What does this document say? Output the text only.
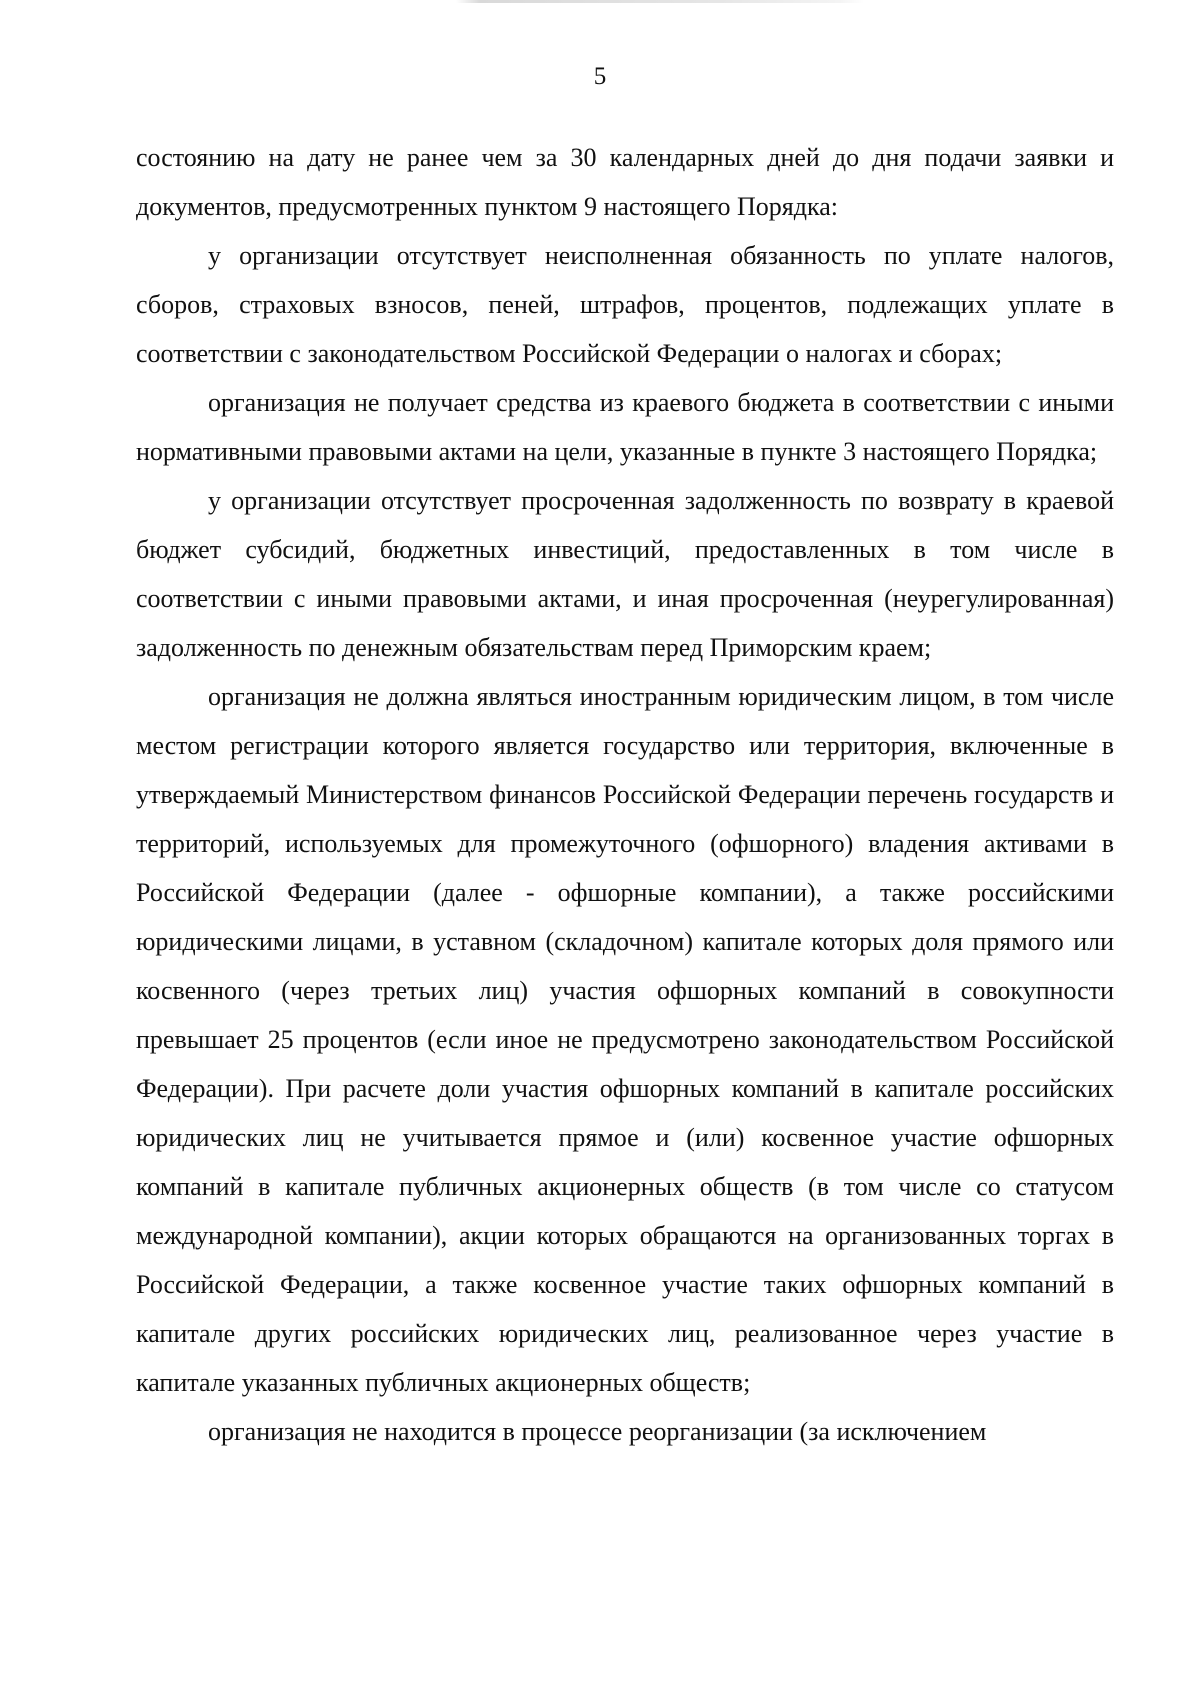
5

состоянию на дату не ранее чем за 30 календарных дней до дня подачи заявки и документов, предусмотренных пунктом 9 настоящего Порядка:

у организации отсутствует неисполненная обязанность по уплате налогов, сборов, страховых взносов, пеней, штрафов, процентов, подлежащих уплате в соответствии с законодательством Российской Федерации о налогах и сборах;

организация не получает средства из краевого бюджета в соответствии с иными нормативными правовыми актами на цели, указанные в пункте 3 настоящего Порядка;

у организации отсутствует просроченная задолженность по возврату в краевой бюджет субсидий, бюджетных инвестиций, предоставленных в том числе в соответствии с иными правовыми актами, и иная просроченная (неурегулированная) задолженность по денежным обязательствам перед Приморским краем;

организация не должна являться иностранным юридическим лицом, в том числе местом регистрации которого является государство или территория, включенные в утверждаемый Министерством финансов Российской Федерации перечень государств и территорий, используемых для промежуточного (офшорного) владения активами в Российской Федерации (далее - офшорные компании), а также российскими юридическими лицами, в уставном (складочном) капитале которых доля прямого или косвенного (через третьих лиц) участия офшорных компаний в совокупности превышает 25 процентов (если иное не предусмотрено законодательством Российской Федерации). При расчете доли участия офшорных компаний в капитале российских юридических лиц не учитывается прямое и (или) косвенное участие офшорных компаний в капитале публичных акционерных обществ (в том числе со статусом международной компании), акции которых обращаются на организованных торгах в Российской Федерации, а также косвенное участие таких офшорных компаний в капитале других российских юридических лиц, реализованное через участие в капитале указанных публичных акционерных обществ;

организация не находится в процессе реорганизации (за исключением
